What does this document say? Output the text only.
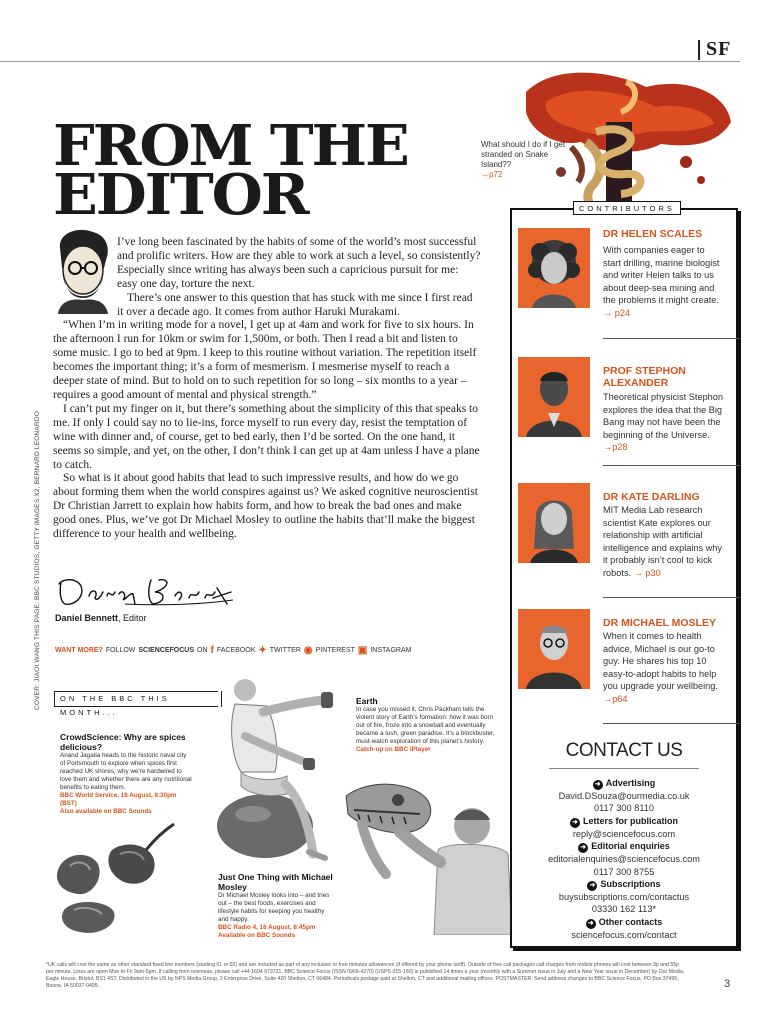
SF
FROM THE
EDITOR
What should I do if I get stranded on Snake Island??
→p72

I’ve long been fascinated by the habits of some of the world’s most successful and prolific writers. How are they able to work at such a level, so consistently? Especially since writing has always been such a capricious pursuit for me: easy one day, torture the next.

There’s one answer to this question that has stuck with me since I first read it over a decade ago. It comes from author Haruki Murakami.

“When I’m in writing mode for a novel, I get up at 4am and work for five to six hours. In the afternoon I run for 10km or swim for 1,500m, or both. Then I read a bit and listen to some music. I go to bed at 9pm. I keep to this routine without variation. The repetition itself becomes the important thing; it’s a form of mesmerism. I mesmerise myself to reach a deeper state of mind. But to hold on to such repetition for so long – six months to a year – requires a good amount of mental and physical strength.”

I can’t put my finger on it, but there’s something about the simplicity of this that speaks to me. If only I could say no to lie-ins, force myself to run every day, resist the temptation of wine with dinner and, of course, get to bed early, then I’d be sorted. On the one hand, it seems so simple, and yet, on the other, I don’t think I can get up at 4am unless I have a plane to catch.

So what is it about good habits that lead to such impressive results, and how do we go about forming them when the world conspires against us? We asked cognitive neuroscientist Dr Christian Jarrett to explain how habits form, and how to break the bad ones and make good ones. Plus, we’ve got Dr Michael Mosley to outline the habits that’ll make the biggest difference to your health and wellbeing.

Daniel Bennett, Editor
WANT MORE? FOLLOW SCIENCEFOCUS ON f FACEBOOK ✦ TWITTER ◉ PINTEREST ▣ INSTAGRAM
COVER: JIAOI WANG THIS PAGE: BBC STUDIOS, GETTY IMAGES X2, BERNARD LEONARDO	ON THE BBC THIS MONTH...
CrowdScience: Why are spices delicious?
Anand Jagatia heads to the historic naval city of Portsmouth to explore when spices first reached UK shores, why we’re hardwired to love them and whether there are any nutritional benefits to eating them.
BBC World Service, 18 August, 8:30pm (BST)
Also available on BBC Sounds
Earth
In case you missed it, Chris Packham tells the violent story of Earth’s formation: how it was born out of fire, froze into a snowball and eventually became a lush, green paradise. It’s a blockbuster, must-watch exploration of this planet’s history.
Catch-up on BBC iPlayer
Just One Thing with Michael Mosley
Dr Michael Mosley looks into – and tries out – the best foods, exercises and lifestyle habits for keeping you healthy and happy.
BBC Radio 4, 16 August, 8:45pm
Available on BBC Sounds
CONTRIBUTORS
DR HELEN SCALES
With companies eager to start drilling, marine biologist and writer Helen talks to us about deep-sea mining and the problems it might create. → p24
PROF STEPHON ALEXANDER
Theoretical physicist Stephon explores the idea that the Big Bang may not have been the beginning of the Universe. →p28
DR KATE DARLING
MIT Media Lab research scientist Kate explores our relationship with artificial intelligence and explains why it probably isn’t cool to kick robots. → p30
DR MICHAEL MOSLEY
When it comes to health advice, Michael is our go-to guy. He shares his top 10 easy-to-adopt habits to help you upgrade your wellbeing. →p64
CONTACT US
➜ Advertising
David.DSouza@ourmedia.co.uk
0117 300 8110
➜ Letters for publication
reply@sciencefocus.com
➜ Editorial enquiries
editorialenquiries@sciencefocus.com
0117 300 8755
➜ Subscriptions
buysubscriptions.com/contactus
03330 162 113*
➜ Other contacts
sciencefocus.com/contact
*UK calls will cost the same as other standard fixed line numbers (starting 01 or 02) and are included as part of any inclusive or free minutes allowances (if offered by your phone tariff). Outside of free call packages call charges from mobile phones will cost between 3p and 55p per minute. Lines are open Mon to Fri 9am-5pm. If calling from overseas, please call +44 1604 973721. BBC Science Focus (ISSN 0966-4270) (USPS 015-160) is published 14 times a year (monthly with a Summer issue in July and a New Year issue in December) by Our Media, Eagle House, Bristol, BS1 4ST. Distributed in the US by NPS Media Group, 2 Enterprise Drive, Suite 420 Shelton, CT 06484. Periodicals postage paid at Shelton, CT and additional mailing offices. POSTMASTER: Send address changes to BBC Science Focus, PO Box 37495, Boone, IA 50037-0495.	3
